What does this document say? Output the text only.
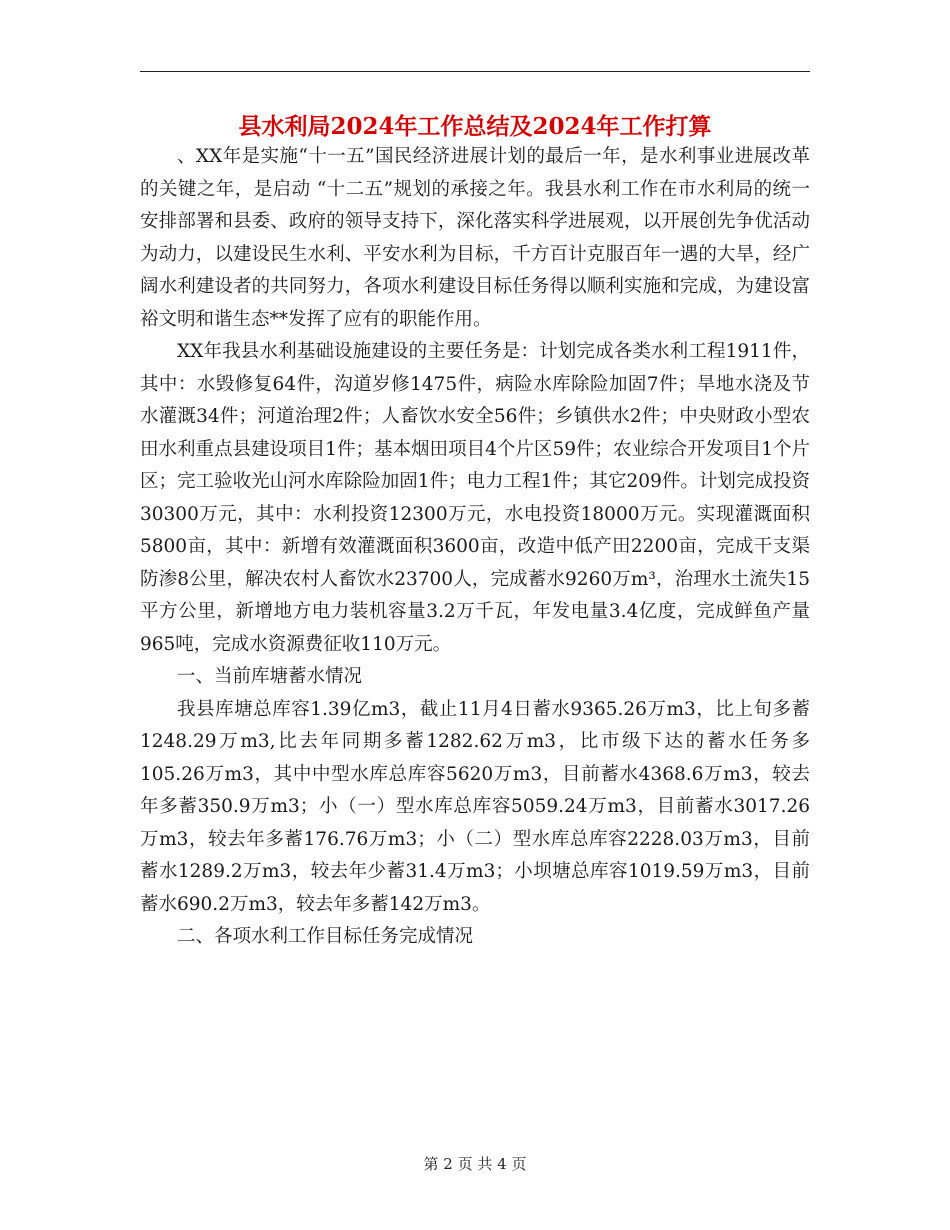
县水利局2024年工作总结及2024年工作打算

、XX年是实施“十一五”国民经济进展计划的最后一年，是水利事业进展改革的关键之年，是启动 “十二五”规划的承接之年。我县水利工作在市水利局的统一安排部署和县委、政府的领导支持下，深化落实科学进展观，以开展创先争优活动为动力，以建设民生水利、平安水利为目标，千方百计克服百年一遇的大旱，经广阔水利建设者的共同努力，各项水利建设目标任务得以顺利实施和完成，为建设富裕文明和谐生态**发挥了应有的职能作用。

XX年我县水利基础设施建设的主要任务是：计划完成各类水利工程1911件，其中：水毁修复64件，沟道岁修1475件，病险水库除险加固7件；旱地水浇及节水灌溉34件；河道治理2件；人畜饮水安全56件；乡镇供水2件；中央财政小型农田水利重点县建设项目1件；基本烟田项目4个片区59件；农业综合开发项目1个片区；完工验收光山河水库除险加固1件；电力工程1件；其它209件。计划完成投资30300万元，其中：水利投资12300万元，水电投资18000万元。实现灌溉面积5800亩，其中：新增有效灌溉面积3600亩，改造中低产田2200亩，完成干支渠防渗8公里，解决农村人畜饮水23700人，完成蓄水9260万m³，治理水土流失15平方公里，新增地方电力装机容量3.2万千瓦，年发电量3.4亿度，完成鲜鱼产量965吨，完成水资源费征收110万元。

一、当前库塘蓄水情况

我县库塘总库容1.39亿m3，截止11月4日蓄水9365.26万m3，比上旬多蓄1248.29万m3,比去年同期多蓄1282.62万m3，比市级下达的蓄水任务多105.26万m3，其中中型水库总库容5620万m3，目前蓄水4368.6万m3，较去年多蓄350.9万m3；小（一）型水库总库容5059.24万m3，目前蓄水3017.26万m3，较去年多蓄176.76万m3；小（二）型水库总库容2228.03万m3，目前蓄水1289.2万m3，较去年少蓄31.4万m3；小坝塘总库容1019.59万m3，目前蓄水690.2万m3，较去年多蓄142万m3。

二、各项水利工作目标任务完成情况

第 2 页 共 4 页
